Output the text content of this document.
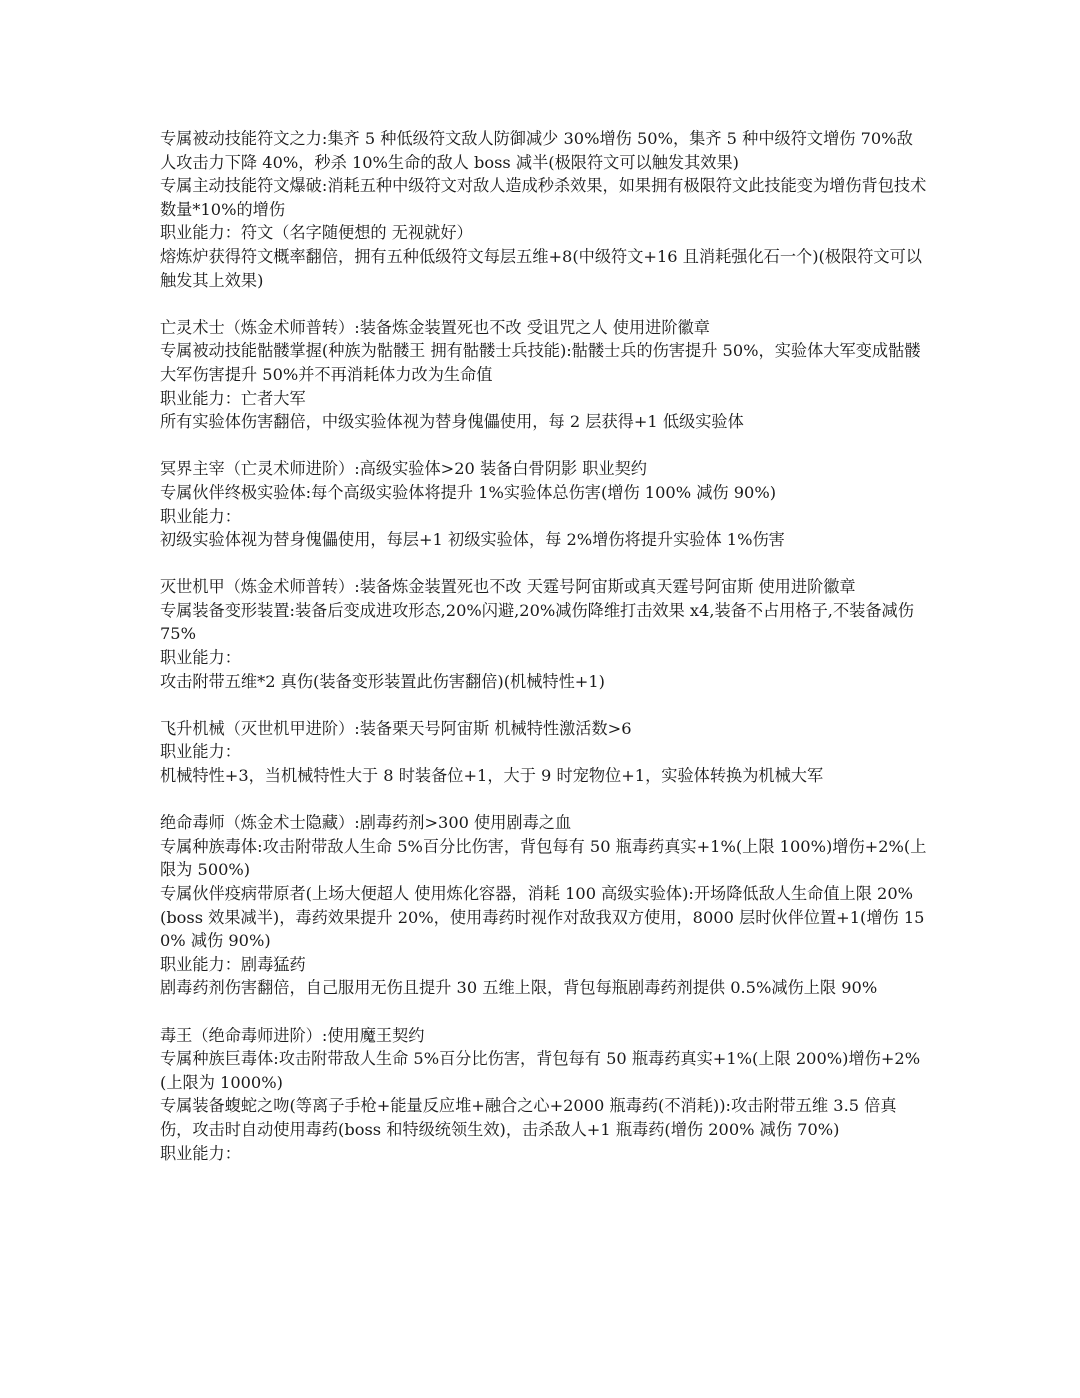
专属被动技能符文之力:集齐 5 种低级符文敌人防御减少 30%增伤 50%，集齐 5 种中级符文增伤 70%敌人攻击力下降 40%，秒杀 10%生命的敌人 boss 减半(极限符文可以触发其效果)
专属主动技能符文爆破:消耗五种中级符文对敌人造成秒杀效果，如果拥有极限符文此技能变为增伤背包技术数量*10%的增伤
职业能力：符文（名字随便想的 无视就好）
熔炼炉获得符文概率翻倍，拥有五种低级符文每层五维+8(中级符文+16 且消耗强化石一个)(极限符文可以触发其上效果)
亡灵术士（炼金术师普转）:装备炼金装置死也不改 受诅咒之人 使用进阶徽章
专属被动技能骷髅掌握(种族为骷髅王 拥有骷髅士兵技能):骷髅士兵的伤害提升 50%，实验体大军变成骷髅大军伤害提升 50%并不再消耗体力改为生命值
职业能力：亡者大军
所有实验体伤害翻倍，中级实验体视为替身傀儡使用，每 2 层获得+1 低级实验体
冥界主宰（亡灵术师进阶）:高级实验体>20 装备白骨阴影 职业契约
专属伙伴终极实验体:每个高级实验体将提升 1%实验体总伤害(增伤 100% 减伤 90%)
职业能力：
初级实验体视为替身傀儡使用，每层+1 初级实验体，每 2%增伤将提升实验体 1%伤害
灭世机甲（炼金术师普转）:装备炼金装置死也不改 天霆号阿宙斯或真天霆号阿宙斯 使用进阶徽章
专属装备变形装置:装备后变成进攻形态,20%闪避,20%减伤降维打击效果 x4,装备不占用格子,不装备减伤 75%
职业能力：
攻击附带五维*2 真伤(装备变形装置此伤害翻倍)(机械特性+1)
飞升机械（灭世机甲进阶）:装备栗天号阿宙斯 机械特性激活数>6
职业能力：
机械特性+3，当机械特性大于 8 时装备位+1，大于 9 时宠物位+1，实验体转换为机械大军
绝命毒师（炼金术士隐藏）:剧毒药剂>300 使用剧毒之血
专属种族毒体:攻击附带敌人生命 5%百分比伤害，背包每有 50 瓶毒药真实+1%(上限 100%)增伤+2%(上限为 500%)
专属伙伴疫病带原者(上场大便超人 使用炼化容器，消耗 100 高级实验体):开场降低敌人生命值上限 20%(boss 效果减半)，毒药效果提升 20%，使用毒药时视作对敌我双方使用，8000 层时伙伴位置+1(增伤 150% 减伤 90%)
职业能力：剧毒猛药
剧毒药剂伤害翻倍，自己服用无伤且提升 30 五维上限，背包每瓶剧毒药剂提供 0.5%减伤上限 90%
毒王（绝命毒师进阶）:使用魔王契约
专属种族巨毒体:攻击附带敌人生命 5%百分比伤害，背包每有 50 瓶毒药真实+1%(上限 200%)增伤+2%(上限为 1000%)
专属装备蝮蛇之吻(等离子手枪+能量反应堆+融合之心+2000 瓶毒药(不消耗)):攻击附带五维 3.5 倍真伤，攻击时自动使用毒药(boss 和特级统领生效)，击杀敌人+1 瓶毒药(增伤 200% 减伤 70%)
职业能力：
